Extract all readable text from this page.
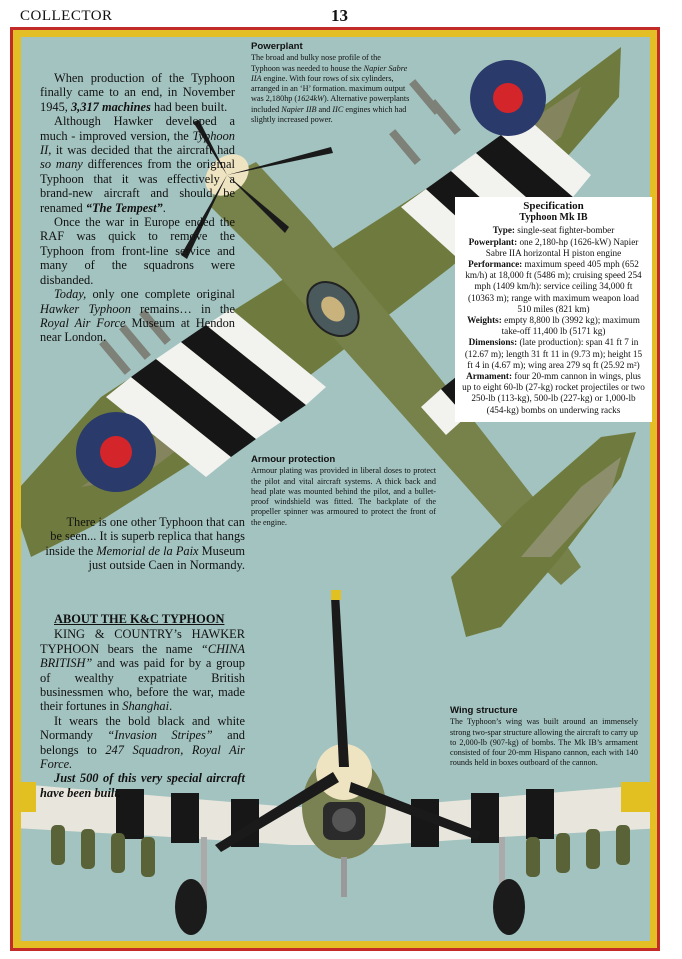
COLLECTOR	13

When production of the Typhoon finally came to an end, in November 1945, 3,317 machines had been built.

Although Hawker developed a much - improved version, the Typhoon II, it was decided that the aircraft had so many differences from the original Typhoon that it was effectively a brand-new aircraft and should be renamed “The Tempest”.

Once the war in Europe ended the RAF was quick to remove the Typhoon from front-line service and many of the squadrons were disbanded.

Today, only one complete original Hawker Typhoon remains… in the Royal Air Force Museum at Hendon near London.

There is one other Typhoon that can be seen... It is superb replica that hangs inside the Memorial de la Paix Museum just outside Caen in Normandy.

ABOUT THE K&C TYPHOON

KING & COUNTRY’s HAWKER TYPHOON bears the name “CHINA BRITISH” and was paid for by a group of wealthy expatriate British businessmen who, before the war, made their fortunes in Shanghai.

It wears the bold black and white Normandy “Invasion Stripes” and belongs to 247 Squadron, Royal Air Force.

Just 500 of this very special aircraft have been built.

Powerplant

The broad and bulky nose profile of the Typhoon was needed to house the Napier Sabre IIA engine. With four rows of six cylinders, arranged in an ‘H’ formation. maximum output was 2,180hp (1624kW). Alternative powerplants included Napier IIB and IIC engines which had slightly increased power.

Specification
Typhoon Mk IB
Type: single-seat fighter-bomber
Powerplant: one 2,180-hp (1626-kW) Napier Sabre IIA horizontal H piston engine
Performance: maximum speed 405 mph (652 km/h) at 18,000 ft (5486 m); cruising speed 254 mph (1409 km/h): service ceiling 34,000 ft (10363 m); range with maximum weapon load 510 miles (821 km)
Weights: empty 8,800 lb (3992 kg); maximum take-off 11,400 lb (5171 kg)
Dimensions: (late production): span 41 ft 7 in (12.67 m); length 31 ft 11 in (9.73 m); height 15 ft 4 in (4.67 m); wing area 279 sq ft (25.92 m²)
Armament: four 20-mm cannon in wings, plus up to eight 60-lb (27-kg) rocket projectiles or two 250-lb (113-kg), 500-lb (227-kg) or 1,000-lb (454-kg) bombs on underwing racks
Armour protection

Armour plating was provided in liberal doses to protect the pilot and vital aircraft systems. A thick back and head plate was mounted behind the pilot, and a bullet-proof windshield was fitted. The backplate of the propeller spinner was armoured to protect the front of the engine.

Wing structure

The Typhoon’s wing was built around an immensely strong two-spar structure allowing the aircraft to carry up to 2,000-lb (907-kg) of bombs. The Mk IB’s armament consisted of four 20-mm Hispano cannon, each with 140 rounds held in boxes outboard of the cannon.
